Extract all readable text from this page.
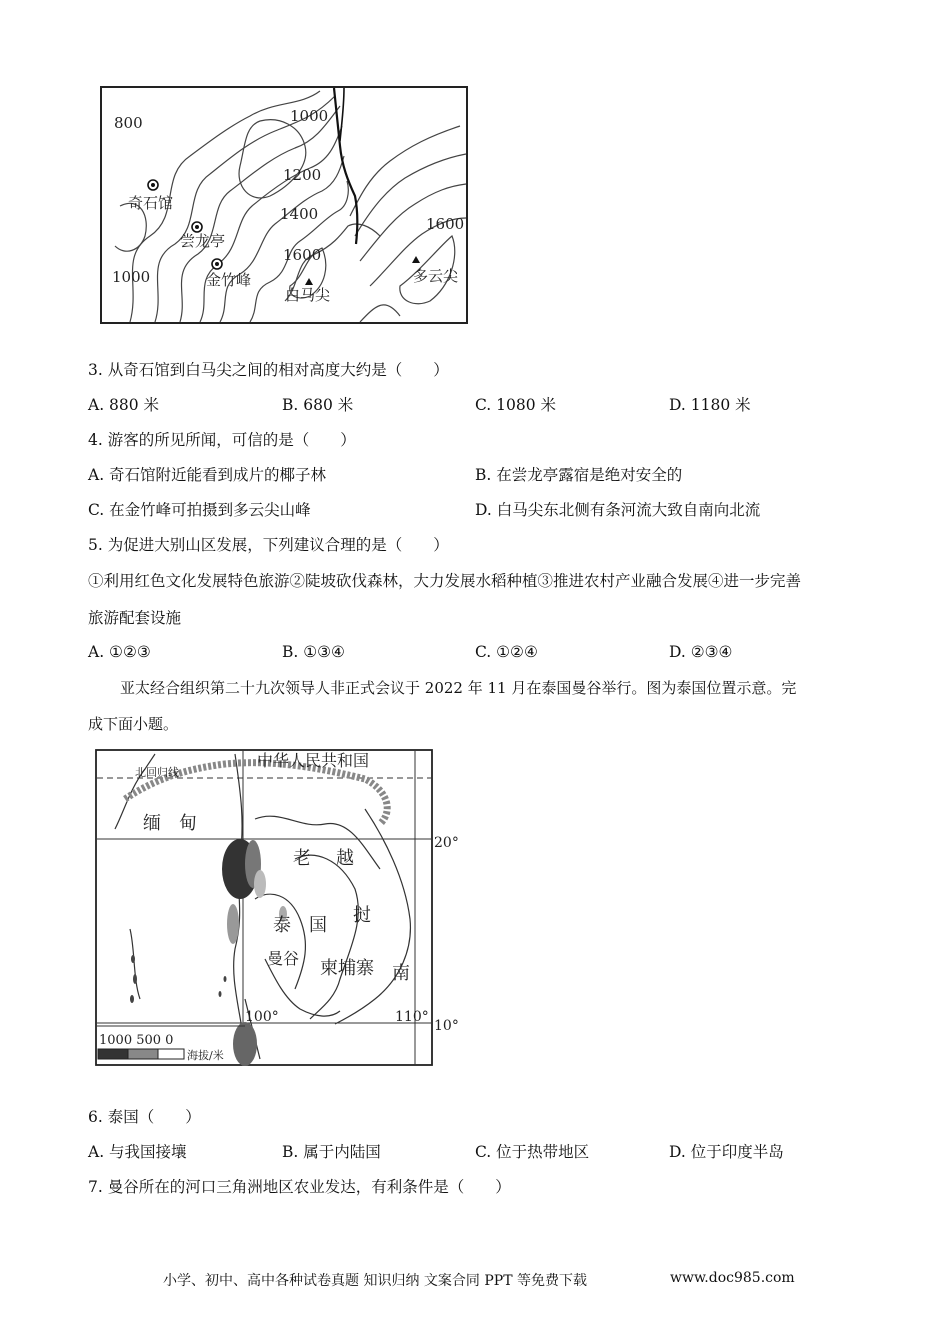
800	1000
1200
1400
1600
1600
1000
奇石馆
尝龙亭
金竹峰
白马尖
多云尖
3. 从奇石馆到白马尖之间的相对高度大约是（　　）
A. 880 米	B. 680 米	C. 1080 米	D. 1180 米
4. 游客的所见所闻，可信的是（　　）
A. 奇石馆附近能看到成片的椰子林	B. 在尝龙亭露宿是绝对安全的
C. 在金竹峰可拍摄到多云尖山峰	D. 白马尖东北侧有条河流大致自南向北流
5. 为促进大别山区发展，下列建议合理的是（　　）
①利用红色文化发展特色旅游②陡坡砍伐森林，大力发展水稻种植③推进农村产业融合发展④进一步完善
旅游配套设施
A. ①②③	B. ①③④	C. ①②④	D. ②③④
亚太经合组织第二十九次领导人非正式会议于 2022 年 11 月在泰国曼谷举行。图为泰国位置示意。完
成下面小题。
北回归线
中华人民共和国
缅　甸
老 越
挝
南
泰　国
曼谷 柬埔寨
20°
10°
100°	110°
1000 500 0
海拔/米
6. 泰国（　　）
A. 与我国接壤	B. 属于内陆国	C. 位于热带地区	D. 位于印度半岛
7. 曼谷所在的河口三角洲地区农业发达，有利条件是（　　）
小学、初中、高中各种试卷真题 知识归纳 文案合同 PPT 等免费下载	www.doc985.com
